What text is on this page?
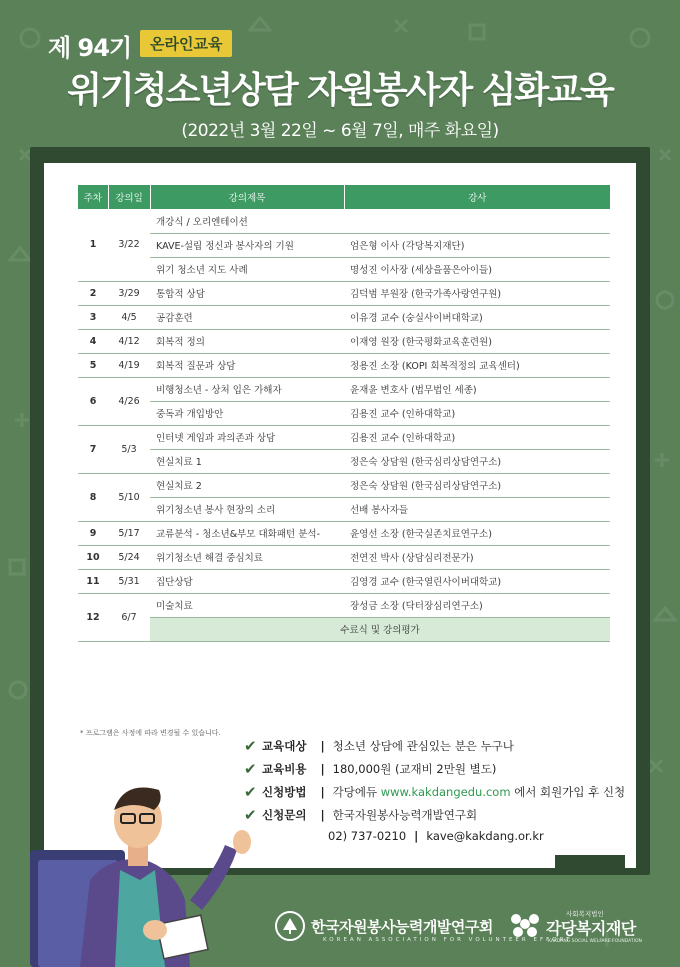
제 94기	온라인교육
위기청소년상담 자원봉사자 심화교육
(2022년 3월 22일 ~ 6월 7일, 매주 화요일)
주차	강의일	강의제목	강사
1	3/22	개강식 / 오리엔테이션	
		KAVE-설립 정신과 봉사자의 기원	엄은형 이사 (각당복지재단)
		위기 청소년 지도 사례	명성진 이사장 (세상을품은아이들)
2	3/29	통합적 상담	김덕범 부원장 (한국가족사랑연구원)
3	4/5	공감훈련	이유경 교수 (숭실사이버대학교)
4	4/12	회복적 정의	이재영 원장 (한국평화교육훈련원)
5	4/19	회복적 질문과 상담	정용진 소장 (KOPI 회복적정의 교육센터)
6	4/26	비행청소년 - 상처 입은 가해자	윤재윤 변호사 (법무법인 세종)
		중독과 개입방안	김용진 교수 (인하대학교)
7	5/3	인터넷 게임과 과의존과 상담	김용진 교수 (인하대학교)
		현실치료 1	정은숙 상담원 (한국심리상담연구소)
8	5/10	현실치료 2	정은숙 상담원 (한국심리상담연구소)
		위기청소년 봉사 현장의 소리	선배 봉사자들
9	5/17	교류분석 - 청소년&부모 대화패턴 분석-	윤영선 소장 (한국실존치료연구소)
10	5/24	위기청소년 해결 중심치료	전연진 박사 (상담심리전문가)
11	5/31	집단상담	김영경 교수 (한국열린사이버대학교)
12	6/7	미술치료	장성금 소장 (닥터장심리연구소)
		수료식 및 강의평가	
* 프로그램은 사정에 따라 변경될 수 있습니다.
✔ 교육대상 | 청소년 상담에 관심있는 분은 누구나
✔ 교육비용 | 180,000원 (교재비 2만원 별도)
✔ 신청방법 | 각당에듀
www.kakdangedu.com
에서 회원가입 후 신청
✔ 신청문의 | 한국자원봉사능력개발연구회
02) 737-0210 | kave@kakdang.or.kr
한국자원봉사능력개발연구회
KOREAN ASSOCIATION FOR VOLUNTEER EFFORT
사회복지법인
각당복지재단
KAKDANG SOCIAL WELFARE FOUNDATION
